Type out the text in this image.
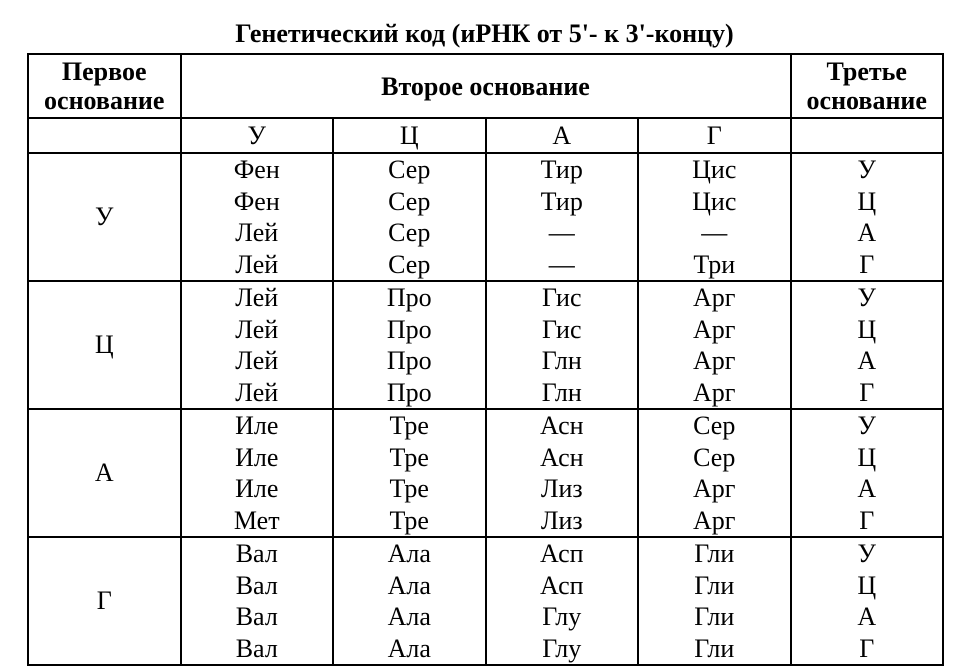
Генетический код (иРНК от 5'- к 3'-концу)
Первое основание	Второе основание				Третье основание
	У	Ц	А	Г	
У	Фен	Сер	Тир	Цис	У
	Фен	Сер	Тир	Цис	Ц
	Лей	Сер	—	—	А
	Лей	Сер	—	Три	Г
Ц	Лей	Про	Гис	Арг	У
	Лей	Про	Гис	Арг	Ц
	Лей	Про	Глн	Арг	А
	Лей	Про	Глн	Арг	Г
А	Иле	Тре	Асн	Сер	У
	Иле	Тре	Асн	Сер	Ц
	Иле	Тре	Лиз	Арг	А
	Мет	Тре	Лиз	Арг	Г
Г	Вал	Ала	Асп	Гли	У
	Вал	Ала	Асп	Гли	Ц
	Вал	Ала	Глу	Гли	А
	Вал	Ала	Глу	Гли	Г
